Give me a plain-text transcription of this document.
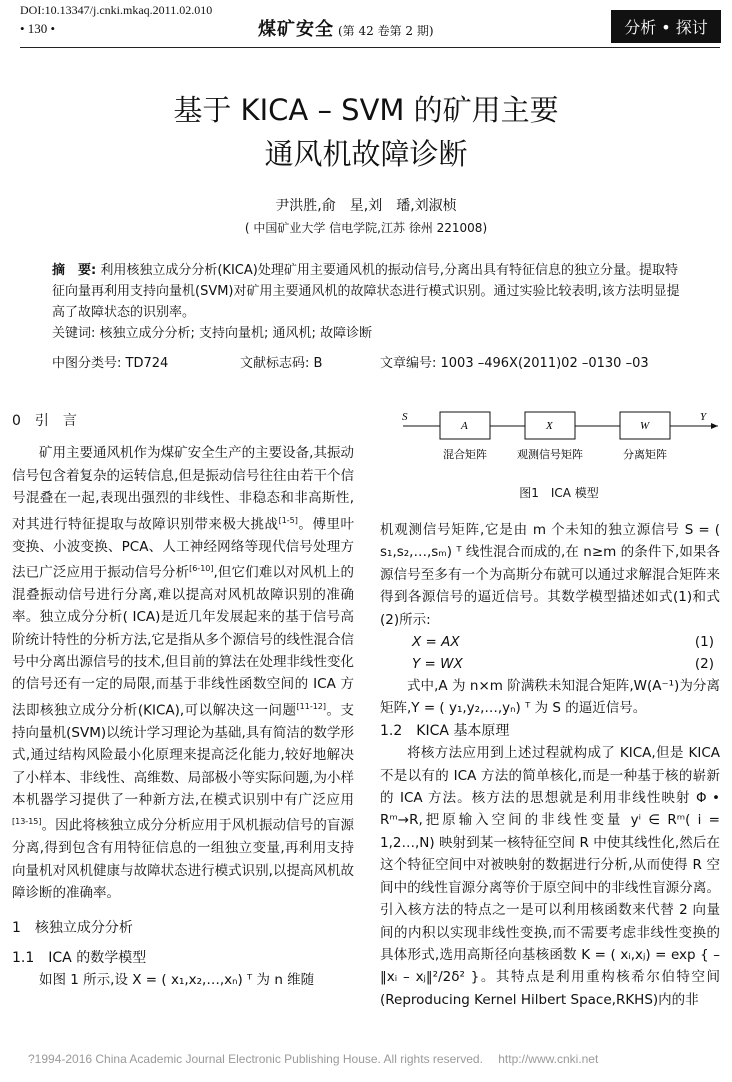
DOI:10.13347/j.cnki.mkaq.2011.02.010
• 130 •	煤矿安全 (第 42 卷第 2 期)	分析 • 探讨
基于 KICA – SVM 的矿用主要
通风机故障诊断
尹洪胜,俞　星,刘　璠,刘淑桢
( 中国矿业大学 信电学院,江苏 徐州 221008)
摘　要: 利用核独立成分分析(KICA)处理矿用主要通风机的振动信号,分离出具有特征信息的独立分量。提取特征向量再利用支持向量机(SVM)对矿用主要通风机的故障状态进行模式识别。通过实验比较表明,该方法明显提高了故障状态的识别率。
关键词: 核独立成分分析; 支持向量机; 通风机; 故障诊断
中图分类号: TD724	文献标志码: B	文章编号: 1003 –496X(2011)02 –0130 –03
S
A	X	W
Y
混合矩阵	观测信号矩阵	分离矩阵
图1　ICA 模型
0　引　言

矿用主要通风机作为煤矿安全生产的主要设备,其振动信号包含着复杂的运转信息,但是振动信号往往由若干个信号混叠在一起,表现出强烈的非线性、非稳态和非高斯性,对其进行特征提取与故障识别带来极大挑战[1-5]。傅里叶变换、小波变换、PCA、人工神经网络等现代信号处理方法已广泛应用于振动信号分析[6-10],但它们难以对风机上的混叠振动信号进行分离,难以提高对风机故障识别的准确率。独立成分分析( ICA)是近几年发展起来的基于信号高阶统计特性的分析方法,它是指从多个源信号的线性混合信号中分离出源信号的技术,但目前的算法在处理非线性变化的信号还有一定的局限,而基于非线性函数空间的 ICA 方法即核独立成分分析(KICA),可以解决这一问题[11-12]。支持向量机(SVM)以统计学习理论为基础,具有简洁的数学形式,通过结构风险最小化原理来提高泛化能力,较好地解决了小样本、非线性、高维数、局部极小等实际问题,为小样本机器学习提供了一种新方法,在模式识别中有广泛应用[13-15]。因此将核独立成分分析应用于风机振动信号的盲源分离,得到包含有用特征信息的一组独立变量,再利用支持向量机对风机健康与故障状态进行模式识别,以提高风机故障诊断的准确率。

1　核独立成分分析
1.1　ICA 的数学模型

如图 1 所示,设 X = ( x₁,x₂,…,xₙ) ᵀ 为 n 维随

机观测信号矩阵,它是由 m 个未知的独立源信号 S = ( s₁,s₂,…,sₘ) ᵀ 线性混合而成的,在 n≥m 的条件下,如果各源信号至多有一个为高斯分布就可以通过求解混合矩阵来得到各源信号的逼近信号。其数学模型描述如式(1)和式(2)所示:

X = AX	(1)
Y = WX	(2)

式中,A 为 n×m 阶满秩未知混合矩阵,W(A⁻¹)为分离矩阵,Y = ( y₁,y₂,…,yₙ) ᵀ 为 S 的逼近信号。

1.2　KICA 基本原理

将核方法应用到上述过程就构成了 KICA,但是 KICA 不是以有的 ICA 方法的简单核化,而是一种基于核的崭新的 ICA 方法。核方法的思想就是利用非线性映射 Φ • Rᵐ→R,把原输入空间的非线性变量 yⁱ ∈ Rᵐ( i = 1,2…,N) 映射到某一核特征空间 R 中使其线性化,然后在这个特征空间中对被映射的数据进行分析,从而使得 R 空间中的线性盲源分离等价于原空间中的非线性盲源分离。引入核方法的特点之一是可以利用核函数来代替 2 向量间的内积以实现非线性变换,而不需要考虑非线性变换的具体形式,选用高斯径向基核函数 K = ( xᵢ,xⱼ) = exp { –‖xᵢ – xⱼ‖²/2δ² }。其特点是利用重构核希尔伯特空间(Reproducing Kernel Hilbert Space,RKHS)内的非

?1994-2016 China Academic Journal Electronic Publishing House. All rights reserved.　 http://www.cnki.net
